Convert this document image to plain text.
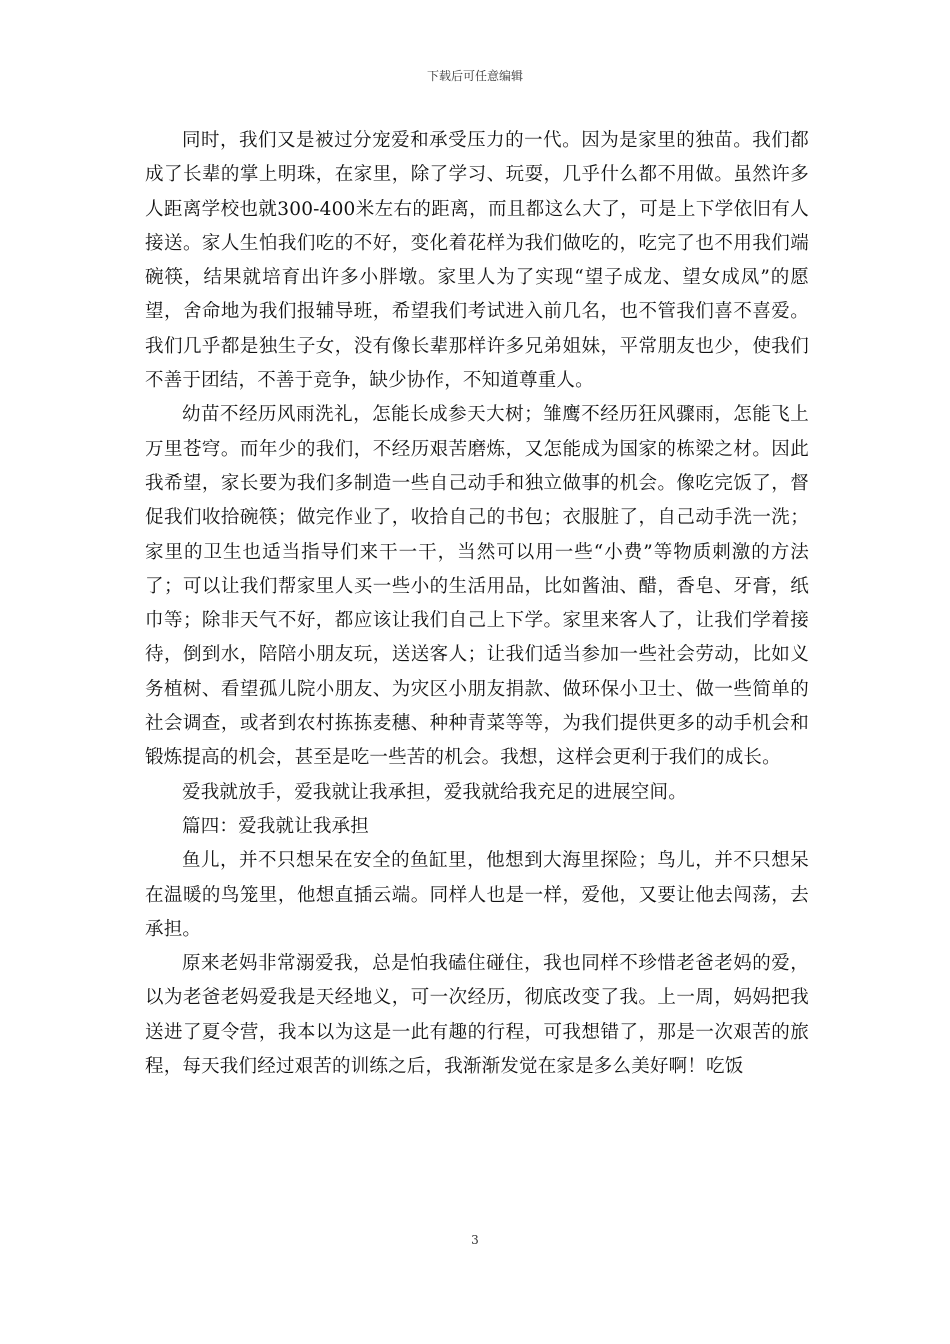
下载后可任意编辑

同时，我们又是被过分宠爱和承受压力的一代。因为是家里的独苗。我们都成了长辈的掌上明珠，在家里，除了学习、玩耍，几乎什么都不用做。虽然许多人距离学校也就300-400米左右的距离，而且都这么大了，可是上下学依旧有人接送。家人生怕我们吃的不好，变化着花样为我们做吃的，吃完了也不用我们端碗筷，结果就培育出许多小胖墩。家里人为了实现“望子成龙、望女成凤”的愿望，舍命地为我们报辅导班，希望我们考试进入前几名，也不管我们喜不喜爱。我们几乎都是独生子女，没有像长辈那样许多兄弟姐妹，平常朋友也少，使我们不善于团结，不善于竞争，缺少协作，不知道尊重人。

幼苗不经历风雨洗礼，怎能长成参天大树；雏鹰不经历狂风骤雨，怎能飞上万里苍穹。而年少的我们，不经历艰苦磨炼，又怎能成为国家的栋梁之材。因此我希望，家长要为我们多制造一些自己动手和独立做事的机会。像吃完饭了，督促我们收拾碗筷；做完作业了，收拾自己的书包；衣服脏了，自己动手洗一洗；家里的卫生也适当指导们来干一干，当然可以用一些“小费”等物质刺激的方法了；可以让我们帮家里人买一些小的生活用品，比如酱油、醋，香皂、牙膏，纸巾等；除非天气不好，都应该让我们自己上下学。家里来客人了，让我们学着接待，倒到水，陪陪小朋友玩，送送客人；让我们适当参加一些社会劳动，比如义务植树、看望孤儿院小朋友、为灾区小朋友捐款、做环保小卫士、做一些简单的社会调查，或者到农村拣拣麦穗、种种青菜等等，为我们提供更多的动手机会和锻炼提高的机会，甚至是吃一些苦的机会。我想，这样会更利于我们的成长。

爱我就放手，爱我就让我承担，爱我就给我充足的进展空间。

篇四：爱我就让我承担

鱼儿，并不只想呆在安全的鱼缸里，他想到大海里探险；鸟儿，并不只想呆在温暖的鸟笼里，他想直插云端。同样人也是一样，爱他，又要让他去闯荡，去承担。

原来老妈非常溺爱我，总是怕我磕住碰住，我也同样不珍惜老爸老妈的爱，以为老爸老妈爱我是天经地义，可一次经历，彻底改变了我。上一周，妈妈把我送进了夏令营，我本以为这是一此有趣的行程，可我想错了，那是一次艰苦的旅程，每天我们经过艰苦的训练之后，我渐渐发觉在家是多么美好啊！吃饭

3
